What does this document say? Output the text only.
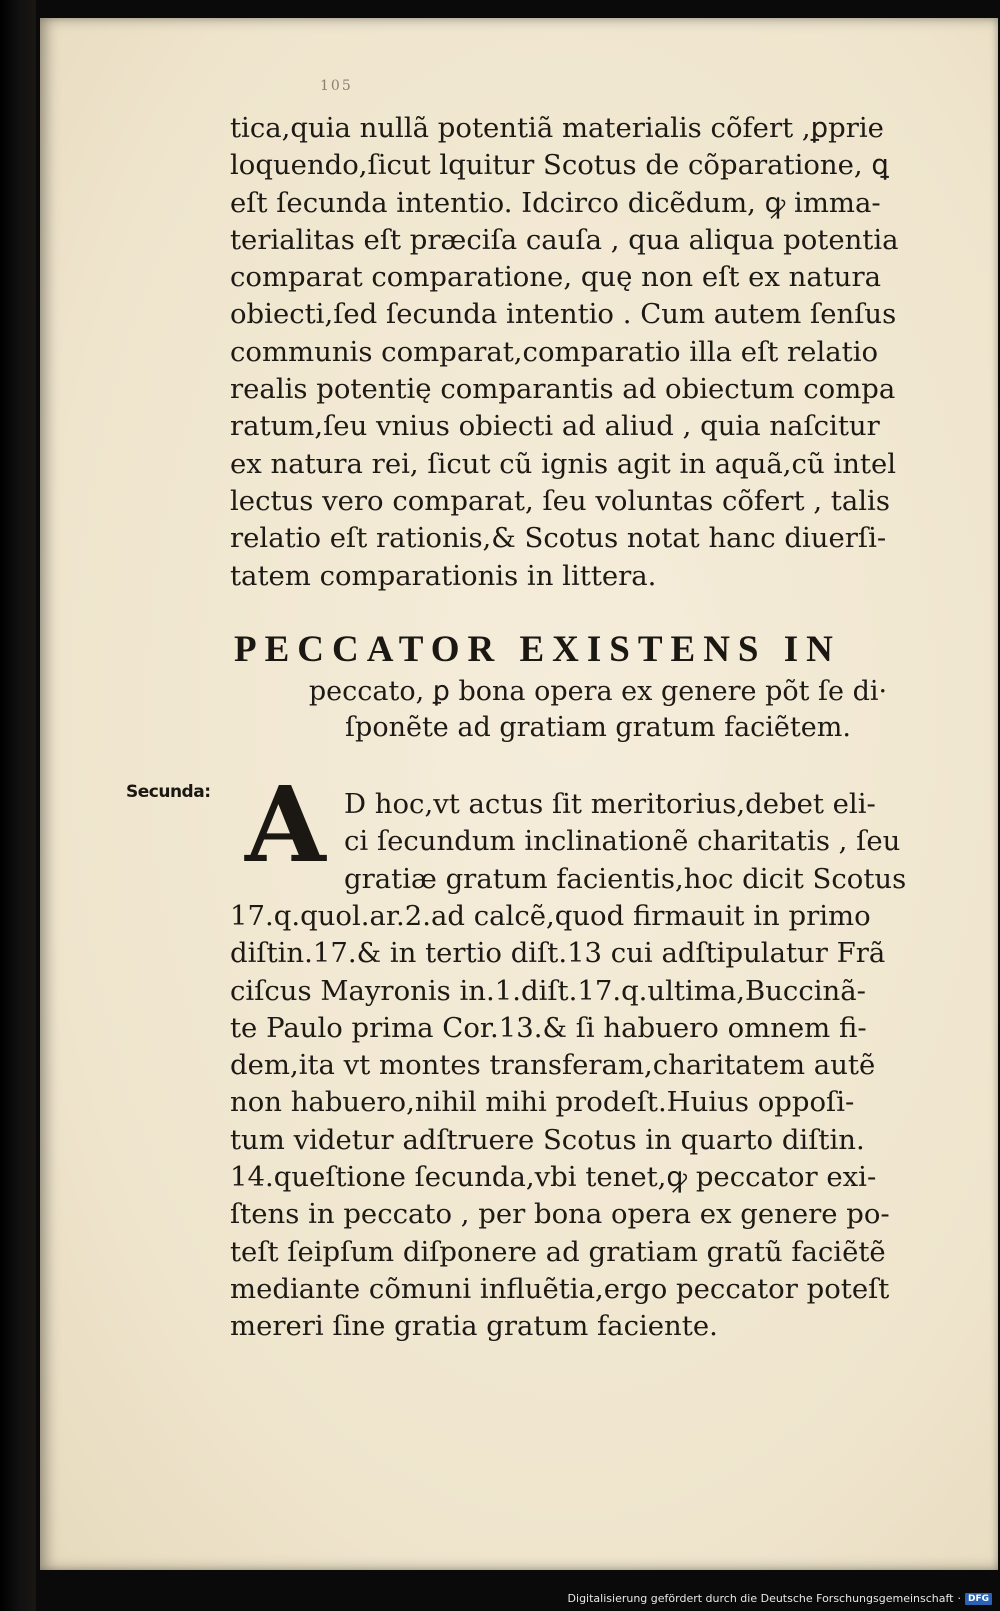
105
tica,quia nullã potentiã materialis cõfert ,ꝑprie
loquendo,ſicut lquitur Scotus de cõparatione, ꝗ
eſt ſecunda intentio. Idcirco dicẽdum, ꝙ imma-
terialitas eſt præciſa cauſa , qua aliqua potentia
comparat comparatione, quę non eſt ex natura
obiecti,ſed ſecunda intentio . Cum autem ſenſus
communis comparat,comparatio illa eſt relatio
realis potentię comparantis ad obiectum compa
ratum,ſeu vnius obiecti ad aliud , quia naſcitur
ex natura rei, ſicut cũ ignis agit in aquã,cũ intel
lectus vero comparat, ſeu voluntas cõfert , talis
relatio eſt rationis,& Scotus notat hanc diuerſi-
tatem comparationis in littera.
PECCATOR EXISTENS IN
peccato, ꝑ bona opera ex genere põt ſe di·
ſponẽte ad gratiam gratum faciẽtem.
Secunda: A D hoc,vt actus ſit meritorius,debet eli-
ci ſecundum inclinationẽ charitatis , ſeu
gratiæ gratum facientis,hoc dicit Scotus
17.q.quol.ar.2.ad calcẽ,quod firmauit in primo
diſtin.17.& in tertio diſt.13 cui adſtipulatur Frã
ciſcus Mayronis in.1.diſt.17.q.ultima,Buccinã-
te Paulo prima Cor.13.& ſi habuero omnem fi-
dem,ita vt montes transferam,charitatem autẽ
non habuero,nihil mihi prodeſt.Huius oppoſi-
tum videtur adſtruere Scotus in quarto diſtin.
14.queſtione ſecunda,vbi tenet,ꝙ peccator exi-
ſtens in peccato , per bona opera ex genere po-
teſt ſeipſum diſponere ad gratiam gratũ faciẽtẽ
mediante cõmuni influẽtia,ergo peccator poteſt
mereri ſine gratia gratum faciente.
Digitalisierung gefördert durch die Deutsche Forschungsgemeinschaft · DFG
